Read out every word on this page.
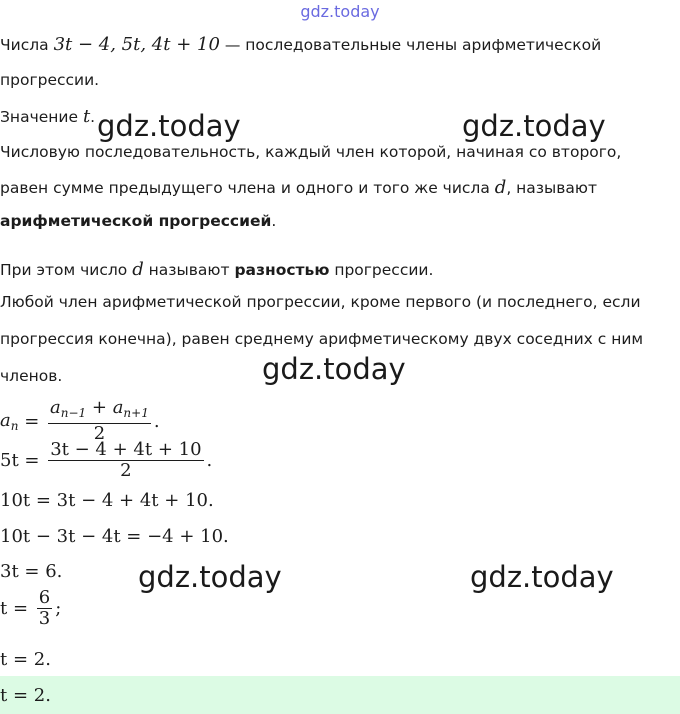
gdz.today
Числа 3t − 4, 5t, 4t + 10 — последовательные члены арифметической
прогрессии.
Значение t.
Числовую последовательность, каждый член которой, начиная со второго,
равен сумме предыдущего члена и одного и того же числа d, называют
арифметической прогрессией.
При этом число d называют разностью прогрессии.
Любой член арифметической прогрессии, кроме первого (и последнего, если
прогрессия конечна), равен среднему арифметическому двух соседних с ним
членов.
$a_n = \frac{a_{n-1} + a_{n+1}}{2}$ .
$5t = \frac{3t - 4 + 4t + 10}{2}$ .
10t = 3t − 4 + 4t + 10.
10t − 3t − 4t = −4 + 10.
3t = 6.
$t = \frac{6}{3}$ ;
t = 2.
t = 2.
gdz.today	gdz.today
gdz.today
gdz.today	gdz.today
